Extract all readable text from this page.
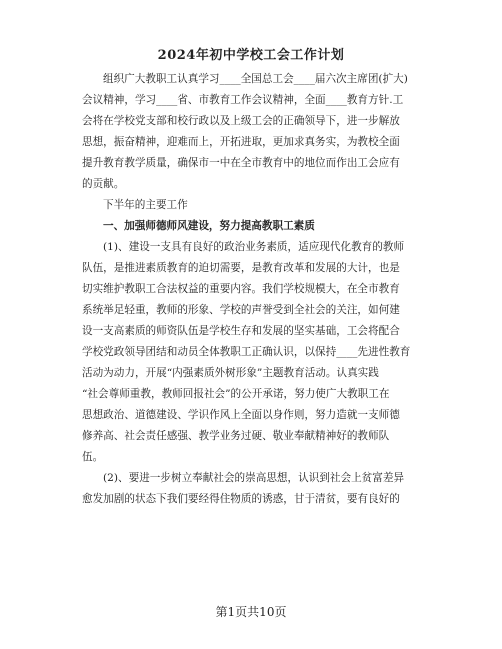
2024年初中学校工会工作计划
组织广大教职工认真学习____全国总工会____届六次主席团(扩大)
会议精神，学习____省、市教育工作会议精神，全面____教育方针.工
会将在学校党支部和校行政以及上级工会的正确领导下，进一步解放
思想，振奋精神，迎难而上，开拓进取，更加求真务实，为教校全面
提升教育教学质量，确保市一中在全市教育中的地位而作出工会应有
的贡献。
下半年的主要工作
一、加强师德师风建设，努力提高教职工素质
(1)、建设一支具有良好的政治业务素质，适应现代化教育的教师
队伍，是推进素质教育的迫切需要，是教育改革和发展的大计，也是
切实维护教职工合法权益的重要内容。我们学校规模大，在全市教育
系统举足轻重，教师的形象、学校的声誉受到全社会的关注，如何建
设一支高素质的师资队伍是学校生存和发展的坚实基础，工会将配合
学校党政领导团结和动员全体教职工正确认识，以保持____先进性教育
活动为动力，开展“内强素质外树形象”主题教育活动。认真实践
“社会尊师重教，教师回报社会”的公开承诺，努力使广大教职工在
思想政治、道德建设、学识作风上全面以身作则，努力造就一支师德
修养高、社会责任感强、教学业务过硬、敬业奉献精神好的教师队
伍。
(2)、要进一步树立奉献社会的崇高思想，认识到社会上贫富差异
愈发加剧的状态下我们要经得住物质的诱惑，甘于清贫，要有良好的
第1页共10页
